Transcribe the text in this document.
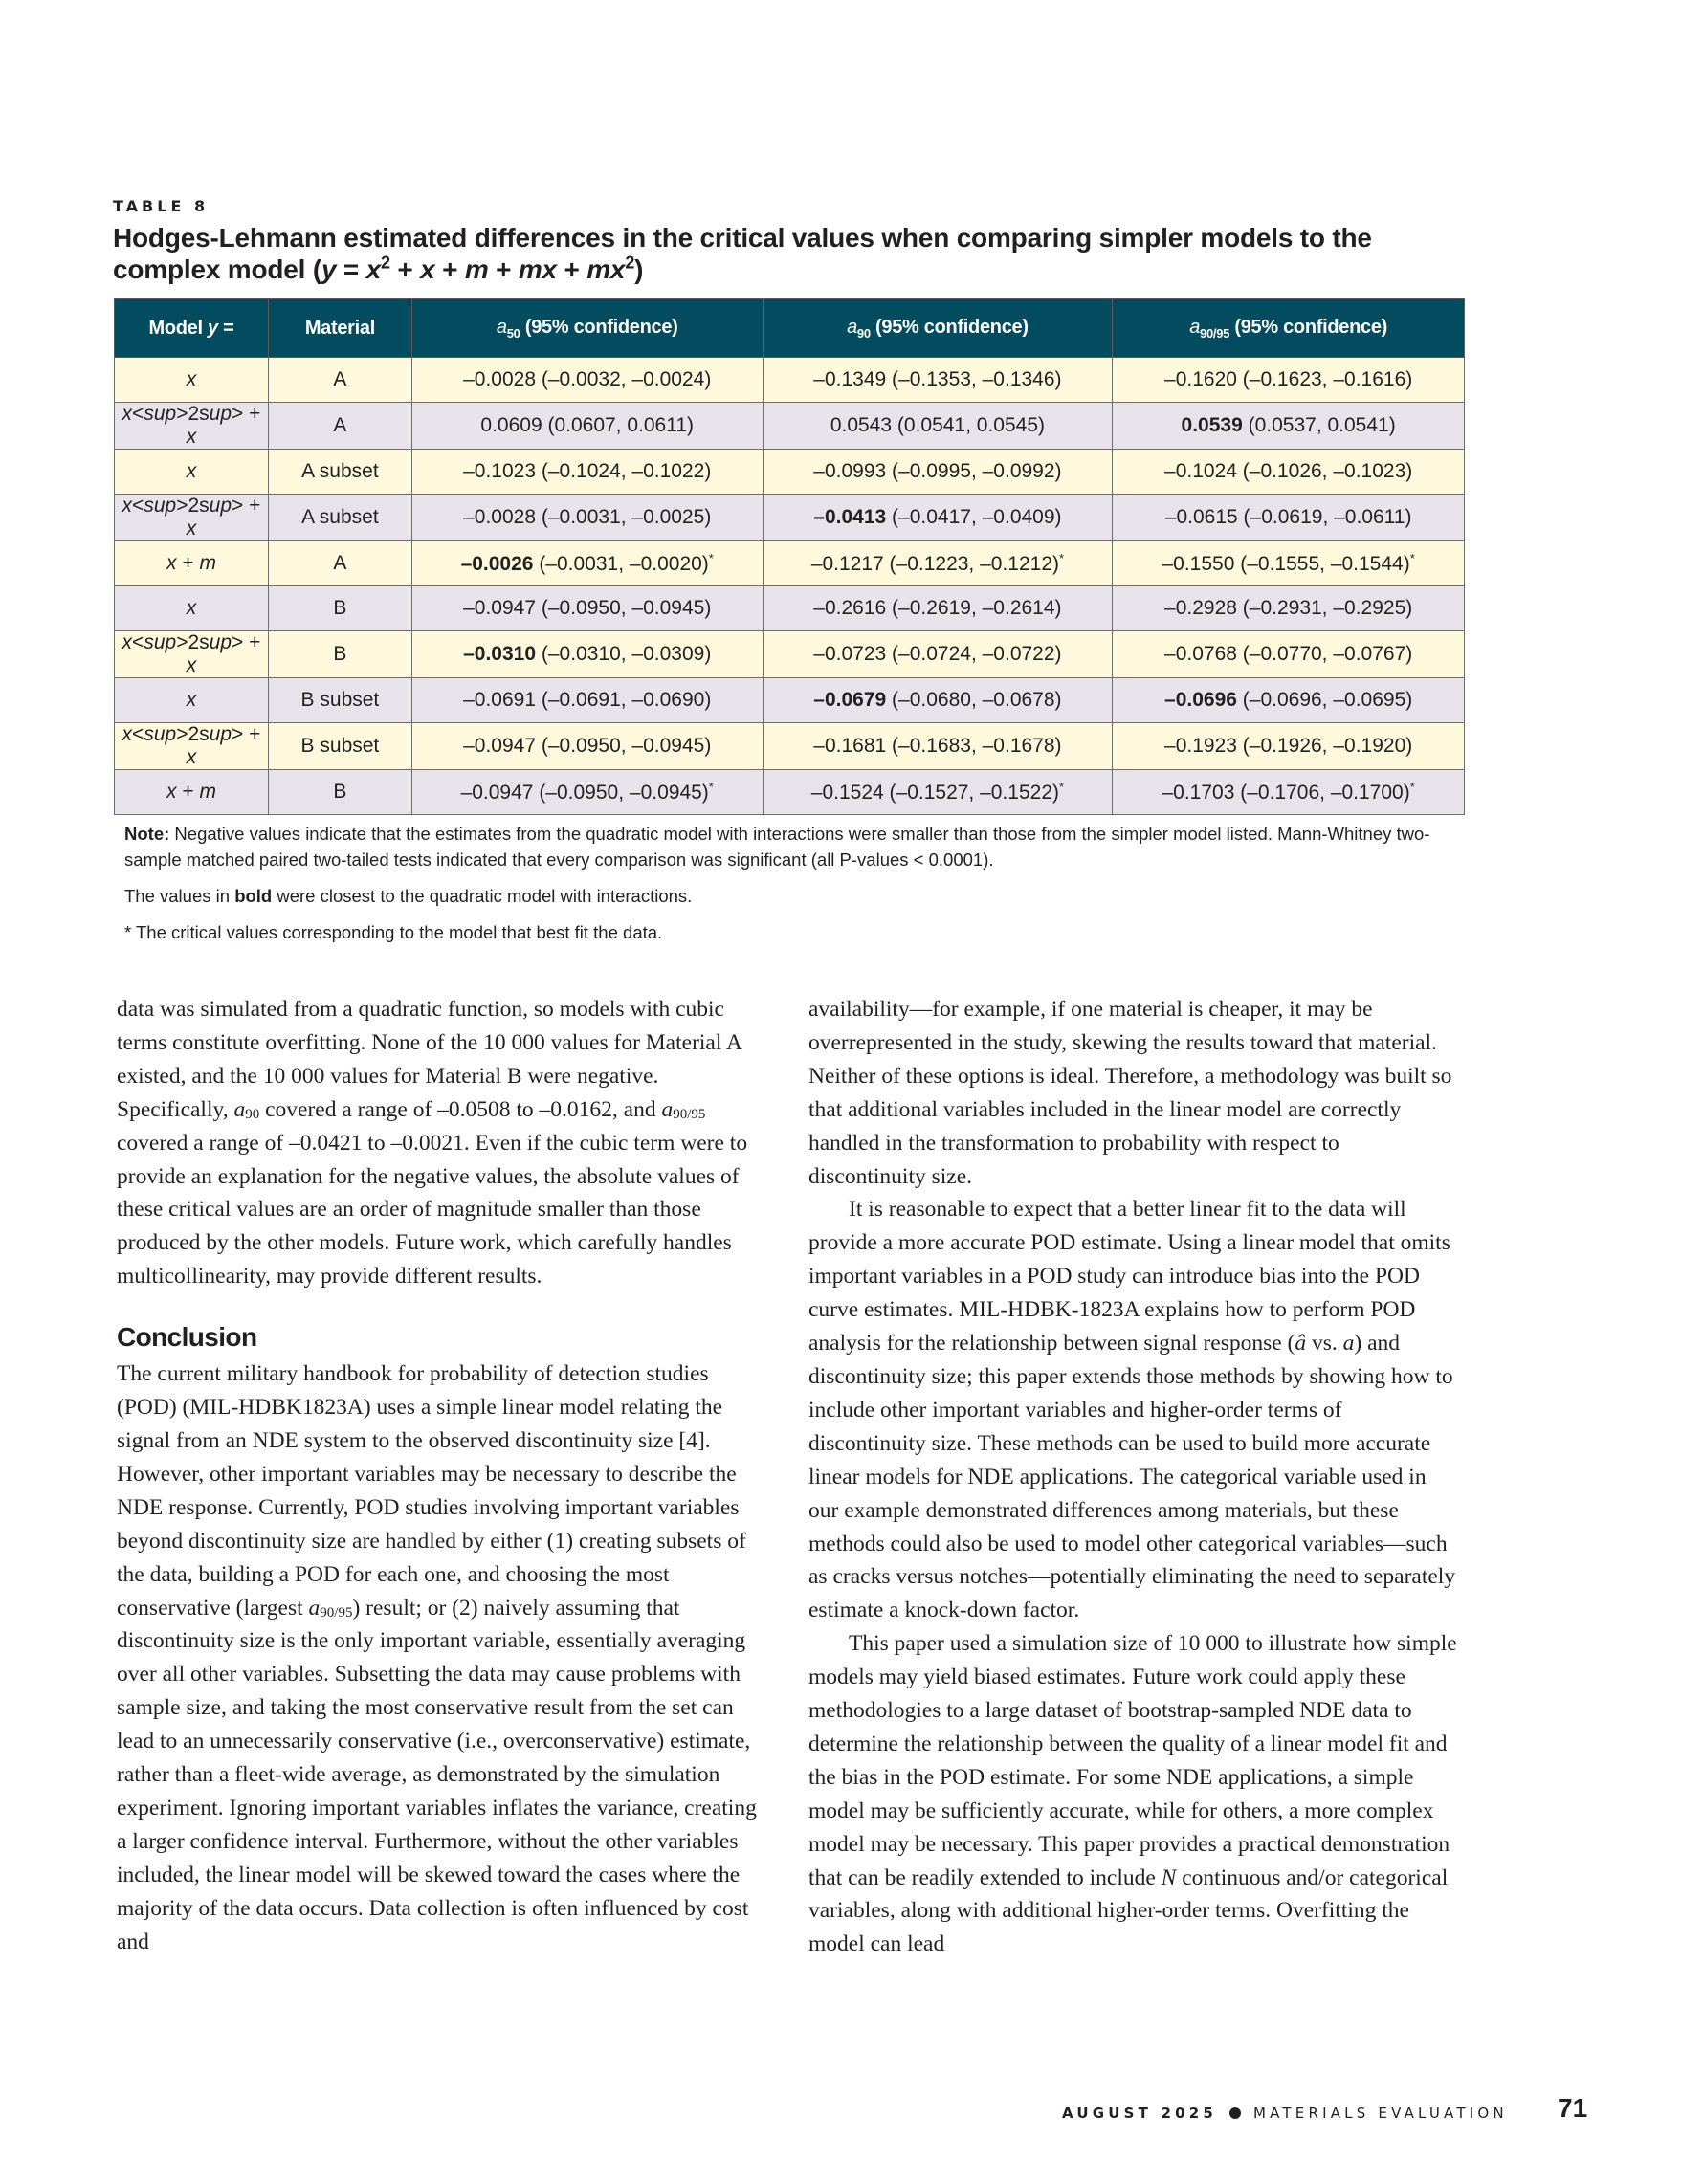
TABLE 8
Hodges-Lehmann estimated differences in the critical values when comparing simpler models to the complex model ($y = x^2 + x + m$ + mx + $mx^2$)
Model y =	Material	$a_{50}$ (95% confidence)	$a_{90}$ (95% confidence)	$a_{90/95}$ (95% confidence)
x	A	–0.0028 (–0.0032, –0.0024)	–0.1349 (–0.1353, –0.1346)	–0.1620 (–0.1623, –0.1616)
x<sup>2sup> + x	A	0.0609 (0.0607, 0.0611)	0.0543 (0.0541, 0.0545)	0.0539 (0.0537, 0.0541)
x	A subset	–0.1023 (–0.1024, –0.1022)	–0.0993 (–0.0995, –0.0992)	–0.1024 (–0.1026, –0.1023)
x<sup>2sup> + x	A subset	–0.0028 (–0.0031, –0.0025)	–0.0413 (–0.0417, –0.0409)	–0.0615 (–0.0619, –0.0611)
x + m	A	–0.0026 (–0.0031, –0.0020)*	–0.1217 (–0.1223, –0.1212)*	–0.1550 (–0.1555, –0.1544)*
x	B	–0.0947 (–0.0950, –0.0945)	–0.2616 (–0.2619, –0.2614)	–0.2928 (–0.2931, –0.2925)
x<sup>2sup> + x	B	–0.0310 (–0.0310, –0.0309)	–0.0723 (–0.0724, –0.0722)	–0.0768 (–0.0770, –0.0767)
x	B subset	–0.0691 (–0.0691, –0.0690)	–0.0679 (–0.0680, –0.0678)	–0.0696 (–0.0696, –0.0695)
x<sup>2sup> + x	B subset	–0.0947 (–0.0950, –0.0945)	–0.1681 (–0.1683, –0.1678)	–0.1923 (–0.1926, –0.1920)
x + m	B	–0.0947 (–0.0950, –0.0945)*	–0.1524 (–0.1527, –0.1522)*	–0.1703 (–0.1706, –0.1700)*

Note: Negative values indicate that the estimates from the quadratic model with interactions were smaller than those from the simpler model listed. Mann-Whitney two-sample matched paired two-tailed tests indicated that every comparison was significant (all P-values < 0.0001).

The values in bold were closest to the quadratic model with interactions.

* The critical values corresponding to the model that best fit the data.

data was simulated from a quadratic function, so models with cubic terms constitute overfitting. None of the 10 000 values for Material A existed, and the 10 000 values for Material B were negative. Specifically, $a_{90}$ covered a range of –0.0508 to –0.0162, and $a_{90/95}$ covered a range of –0.0421 to –0.0021. Even if the cubic term were to provide an explanation for the negative values, the absolute values of these critical values are an order of magnitude smaller than those produced by the other models. Future work, which carefully handles multicollinearity, may provide different results.

Conclusion

The current military handbook for probability of detection studies (POD) (MIL-HDBK1823A) uses a simple linear model relating the signal from an NDE system to the observed discontinuity size [4]. However, other important variables may be necessary to describe the NDE response. Currently, POD studies involving important variables beyond discontinuity size are handled by either (1) creating subsets of the data, building a POD for each one, and choosing the most conservative (largest $a_{90/95}$) result; or (2) naively assuming that discontinuity size is the only important variable, essentially averaging over all other variables. Subsetting the data may cause problems with sample size, and taking the most conservative result from the set can lead to an unnecessarily conservative (i.e., overconservative) estimate, rather than a fleet-wide average, as demonstrated by the simulation experiment. Ignoring important variables inflates the variance, creating a larger confidence interval. Furthermore, without the other variables included, the linear model will be skewed toward the cases where the majority of the data occurs. Data collection is often influenced by cost and

availability—for example, if one material is cheaper, it may be overrepresented in the study, skewing the results toward that material. Neither of these options is ideal. Therefore, a methodology was built so that additional variables included in the linear model are correctly handled in the transformation to probability with respect to discontinuity size.

It is reasonable to expect that a better linear fit to the data will provide a more accurate POD estimate. Using a linear model that omits important variables in a POD study can introduce bias into the POD curve estimates. MIL-HDBK-1823A explains how to perform POD analysis for the relationship between signal response (â vs. a) and discontinuity size; this paper extends those methods by showing how to include other important variables and higher-order terms of discontinuity size. These methods can be used to build more accurate linear models for NDE applications. The categorical variable used in our example demonstrated differences among materials, but these methods could also be used to model other categorical variables—such as cracks versus notches—potentially eliminating the need to separately estimate a knock-down factor.

This paper used a simulation size of 10 000 to illustrate how simple models may yield biased estimates. Future work could apply these methodologies to a large dataset of bootstrap-sampled NDE data to determine the relationship between the quality of a linear model fit and the bias in the POD estimate. For some NDE applications, a simple model may be sufficiently accurate, while for others, a more complex model may be necessary. This paper provides a practical demonstration that can be readily extended to include N continuous and/or categorical variables, along with additional higher-order terms. Overfitting the model can lead

AUGUST 2025	MATERIALS EVALUATION 71
